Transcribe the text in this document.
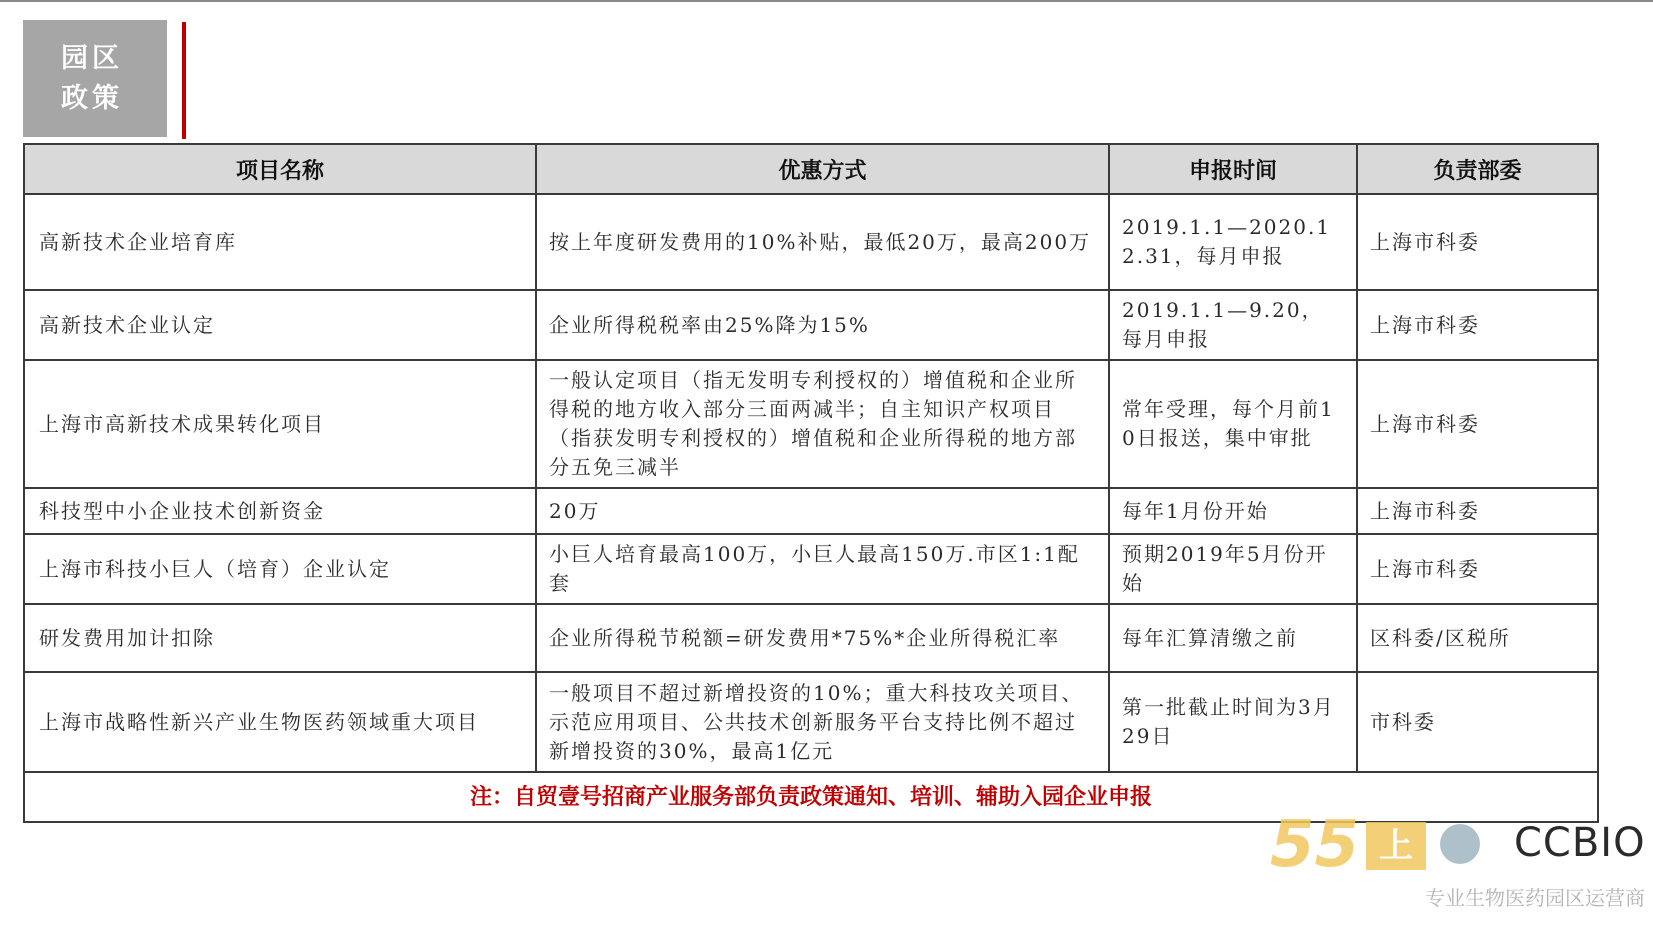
园区
政策
项目名称	优惠方式	申报时间	负责部委
高新技术企业培育库	按上年度研发费用的10%补贴，最低20万，最高200万	2019.1.1—2020.12.31，每月申报	上海市科委
高新技术企业认定	企业所得税税率由25%降为15%	2019.1.1—9.20，每月申报	上海市科委
上海市高新技术成果转化项目	一般认定项目（指无发明专利授权的）增值税和企业所得税的地方收入部分三面两减半；自主知识产权项目（指获发明专利授权的）增值税和企业所得税的地方部分五免三减半	常年受理，每个月前10日报送，集中审批	上海市科委
科技型中小企业技术创新资金	20万	每年1月份开始	上海市科委
上海市科技小巨人（培育）企业认定	小巨人培育最高100万，小巨人最高150万.市区1:1配套	预期2019年5月份开始	上海市科委
研发费用加计扣除	企业所得税节税额=研发费用*75%*企业所得税汇率	每年汇算清缴之前	区科委/区税所
上海市战略性新兴产业生物医药领域重大项目	一般项目不超过新增投资的10%；重大科技攻关项目、示范应用项目、公共技术创新服务平台支持比例不超过新增投资的30%，最高1亿元	第一批截止时间为3月29日	市科委
注：自贸壹号招商产业服务部负责政策通知、培训、辅助入园企业申报			
55 上	CCBIO
专业生物医药园区运营商
